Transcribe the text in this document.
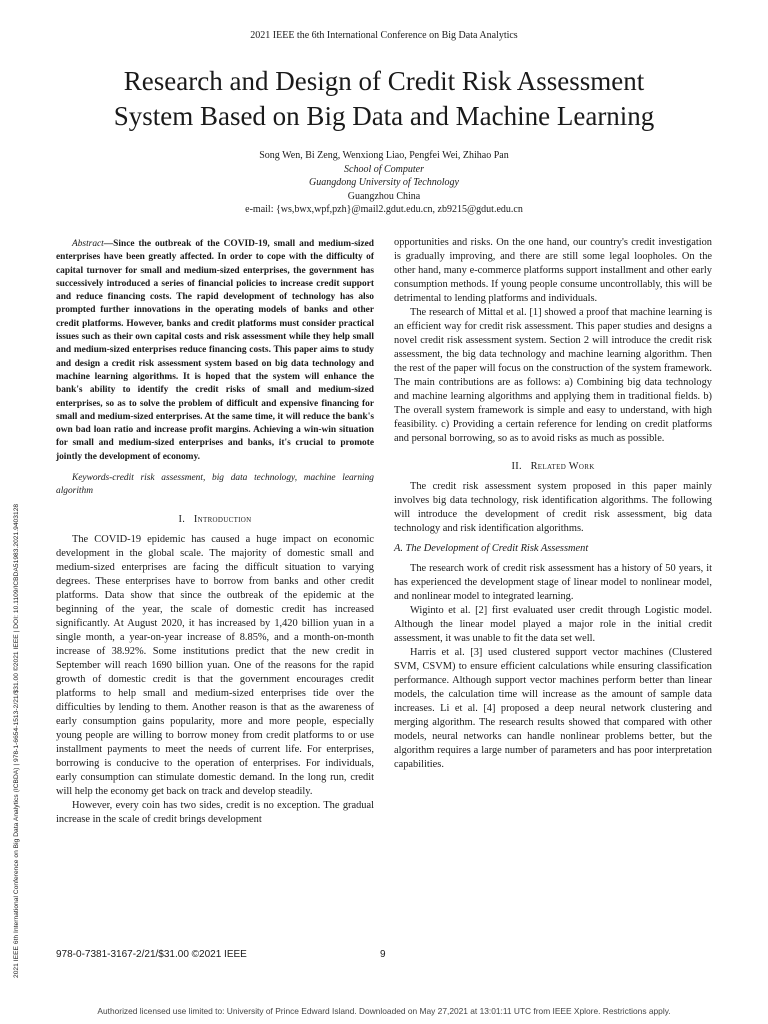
2021 IEEE the 6th International Conference on Big Data Analytics
Research and Design of Credit Risk Assessment
System Based on Big Data and Machine Learning
Song Wen, Bi Zeng, Wenxiong Liao, Pengfei Wei, Zhihao Pan
School of Computer
Guangdong University of Technology
Guangzhou China
e-mail: {ws,bwx,wpf,pzh}@mail2.gdut.edu.cn, zb9215@gdut.edu.cn
2021 IEEE 6th International Conference on Big Data Analytics (ICBDA) | 978-1-6654-1513-2/21/$31.00 ©2021 IEEE | DOI: 10.1109/ICBDA51983.2021.9403128

Abstract—Since the outbreak of the COVID-19, small and medium-sized enterprises have been greatly affected. In order to cope with the difficulty of capital turnover for small and medium-sized enterprises, the government has successively introduced a series of financial policies to increase credit support and reduce financing costs. The rapid development of technology has also prompted further innovations in the operating models of banks and other credit platforms. However, banks and credit platforms must consider practical issues such as their own capital costs and risk assessment while they help small and medium-sized enterprises reduce financing costs. This paper aims to study and design a credit risk assessment system based on big data technology and machine learning algorithms. It is hoped that the system will enhance the bank's ability to identify the credit risks of small and medium-sized enterprises, so as to solve the problem of difficult and expensive financing for small and medium-sized enterprises. At the same time, it will reduce the bank's own bad loan ratio and increase profit margins. Achieving a win-win situation for small and medium-sized enterprises and banks, it's crucial to promote jointly the development of economy.

Keywords-credit risk assessment, big data technology, machine learning algorithm

I. Introduction

The COVID-19 epidemic has caused a huge impact on economic development in the global scale. The majority of domestic small and medium-sized enterprises are facing the difficult situation to varying degrees. These enterprises have to borrow from banks and other credit platforms. Data show that since the outbreak of the epidemic at the beginning of the year, the scale of domestic credit has increased significantly. At August 2020, it has increased by 1,420 billion yuan in a single month, a year-on-year increase of 8.85%, and a month-on-month increase of 38.92%. Some institutions predict that the new credit in September will reach 1690 billion yuan. One of the reasons for the rapid growth of domestic credit is that the government encourages credit platforms to help small and medium-sized enterprises tide over the difficulties by lending to them. Another reason is that as the awareness of early consumption gains popularity, more and more people, especially young people are willing to borrow money from credit platforms to or use installment payments to meet the needs of current life. For enterprises, borrowing is conducive to the operation of enterprises. For individuals, early consumption can stimulate domestic demand. In the long run, credit will help the economy get back on track and develop steadily.

However, every coin has two sides, credit is no exception. The gradual increase in the scale of credit brings development

opportunities and risks. On the one hand, our country's credit investigation is gradually improving, and there are still some legal loopholes. On the other hand, many e-commerce platforms support installment and other early consumption methods. If young people consume uncontrollably, this will be detrimental to lending platforms and individuals.

The research of Mittal et al. [1] showed a proof that machine learning is an efficient way for credit risk assessment. This paper studies and designs a novel credit risk assessment system. Section 2 will introduce the credit risk assessment, the big data technology and machine learning algorithm. Then the rest of the paper will focus on the construction of the system framework. The main contributions are as follows: a) Combining big data technology and machine learning algorithms and applying them in traditional fields. b) The overall system framework is simple and easy to understand, with high feasibility. c) Providing a certain reference for lending on credit platforms and personal borrowing, so as to avoid risks as much as possible.

II. Related Work

The credit risk assessment system proposed in this paper mainly involves big data technology, risk identification algorithms. The following will introduce the development of credit risk assessment, big data technology and risk identification algorithms.

A. The Development of Credit Risk Assessment

The research work of credit risk assessment has a history of 50 years, it has experienced the development stage of linear model to nonlinear model, and nonlinear model to integrated learning.

Wiginto et al. [2] first evaluated user credit through Logistic model. Although the linear model played a major role in the initial credit assessment, it was unable to fit the data set well.

Harris et al. [3] used clustered support vector machines (Clustered SVM, CSVM) to ensure efficient calculations while ensuring classification performance. Although support vector machines perform better than linear models, the calculation time will increase as the amount of sample data increases. Li et al. [4] proposed a deep neural network clustering and merging algorithm. The research results showed that compared with other models, neural networks can handle nonlinear problems better, but the algorithm requires a large number of parameters and has poor interpretation capabilities.

978-0-7381-3167-2/21/$31.00 ©2021 IEEE	9
Authorized licensed use limited to: University of Prince Edward Island. Downloaded on May 27,2021 at 13:01:11 UTC from IEEE Xplore. Restrictions apply.
